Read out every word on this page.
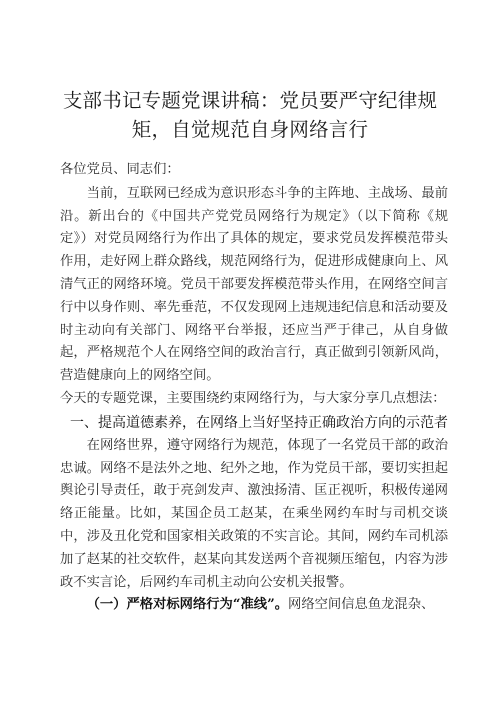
支部书记专题党课讲稿：党员要严守纪律规
矩，自觉规范自身网络言行

各位党员、同志们：

当前，互联网已经成为意识形态斗争的主阵地、主战场、最前沿。新出台的《中国共产党党员网络行为规定》（以下简称《规定》）对党员网络行为作出了具体的规定，要求党员发挥模范带头作用，走好网上群众路线，规范网络行为，促进形成健康向上、风清气正的网络环境。党员干部要发挥模范带头作用，在网络空间言行中以身作则、率先垂范，不仅发现网上违规违纪信息和活动要及时主动向有关部门、网络平台举报，还应当严于律己，从自身做起，严格规范个人在网络空间的政治言行，真正做到引领新风尚，营造健康向上的网络空间。

今天的专题党课，主要围绕约束网络行为，与大家分享几点想法：

一、提高道德素养，在网络上当好坚持正确政治方向的示范者

在网络世界，遵守网络行为规范，体现了一名党员干部的政治忠诚。网络不是法外之地、纪外之地，作为党员干部，要切实担起舆论引导责任，敢于亮剑发声、激浊扬清、匡正视听，积极传递网络正能量。比如，某国企员工赵某，在乘坐网约车时与司机交谈中，涉及丑化党和国家相关政策的不实言论。其间，网约车司机添加了赵某的社交软件，赵某向其发送两个音视频压缩包，内容为涉政不实言论，后网约车司机主动向公安机关报警。

（一）严格对标网络行为“准线”。网络空间信息鱼龙混杂、
